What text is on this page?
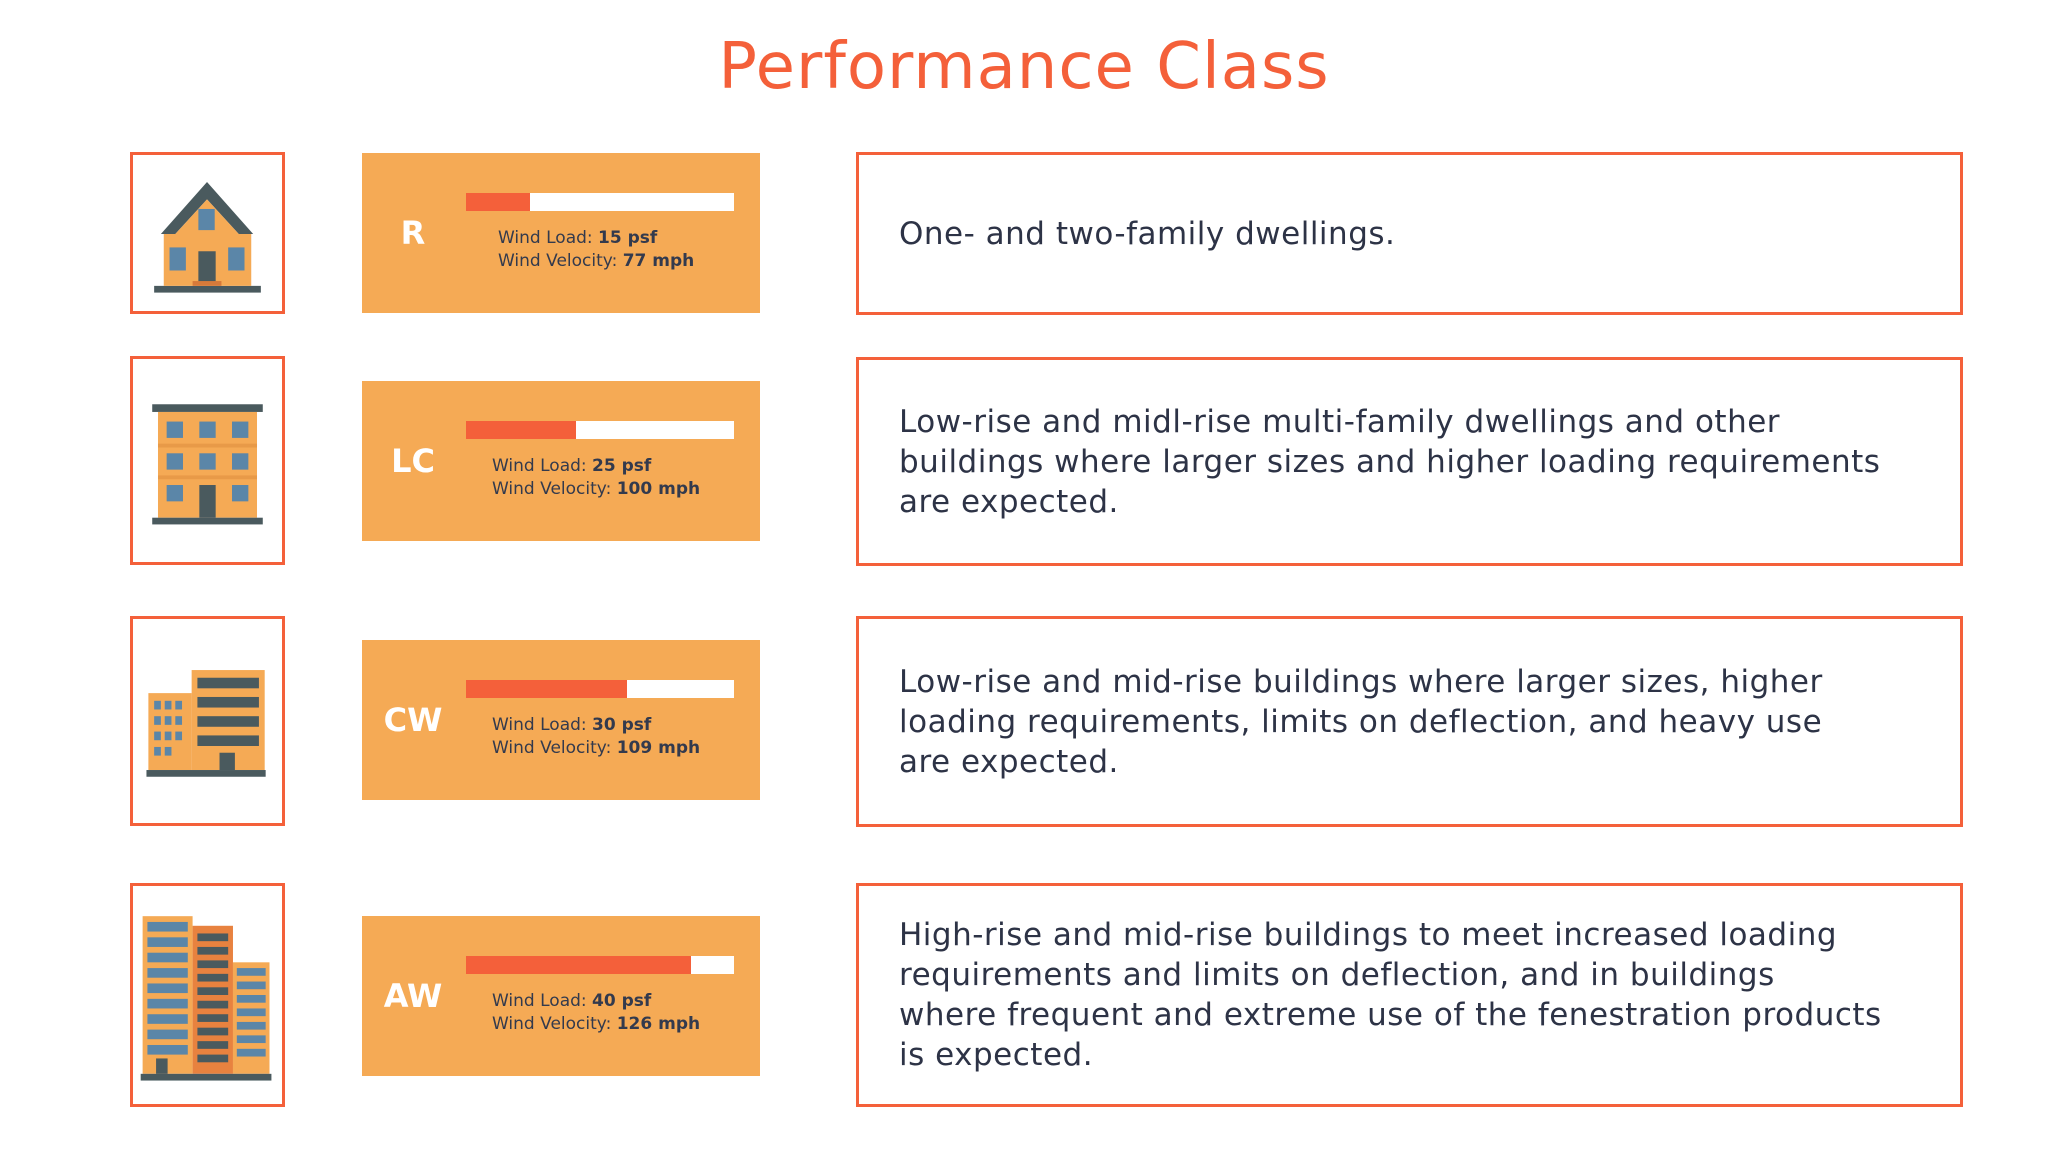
Performance Class
R	Wind Load: 15 psf
Wind Velocity: 77 mph
One- and two-family dwellings.
LC	Wind Load: 25 psf
Wind Velocity: 100 mph
Low-rise and midl-rise multi-family dwellings and other
buildings where larger sizes and higher loading requirements
are expected.
CW	Wind Load: 30 psf
Wind Velocity: 109 mph
Low-rise and mid-rise buildings where larger sizes, higher
loading requirements, limits on deflection, and heavy use
are expected.
AW	Wind Load: 40 psf
Wind Velocity: 126 mph
High-rise and mid-rise buildings to meet increased loading
requirements and limits on deflection, and in buildings
where frequent and extreme use of the fenestration products
is expected.
